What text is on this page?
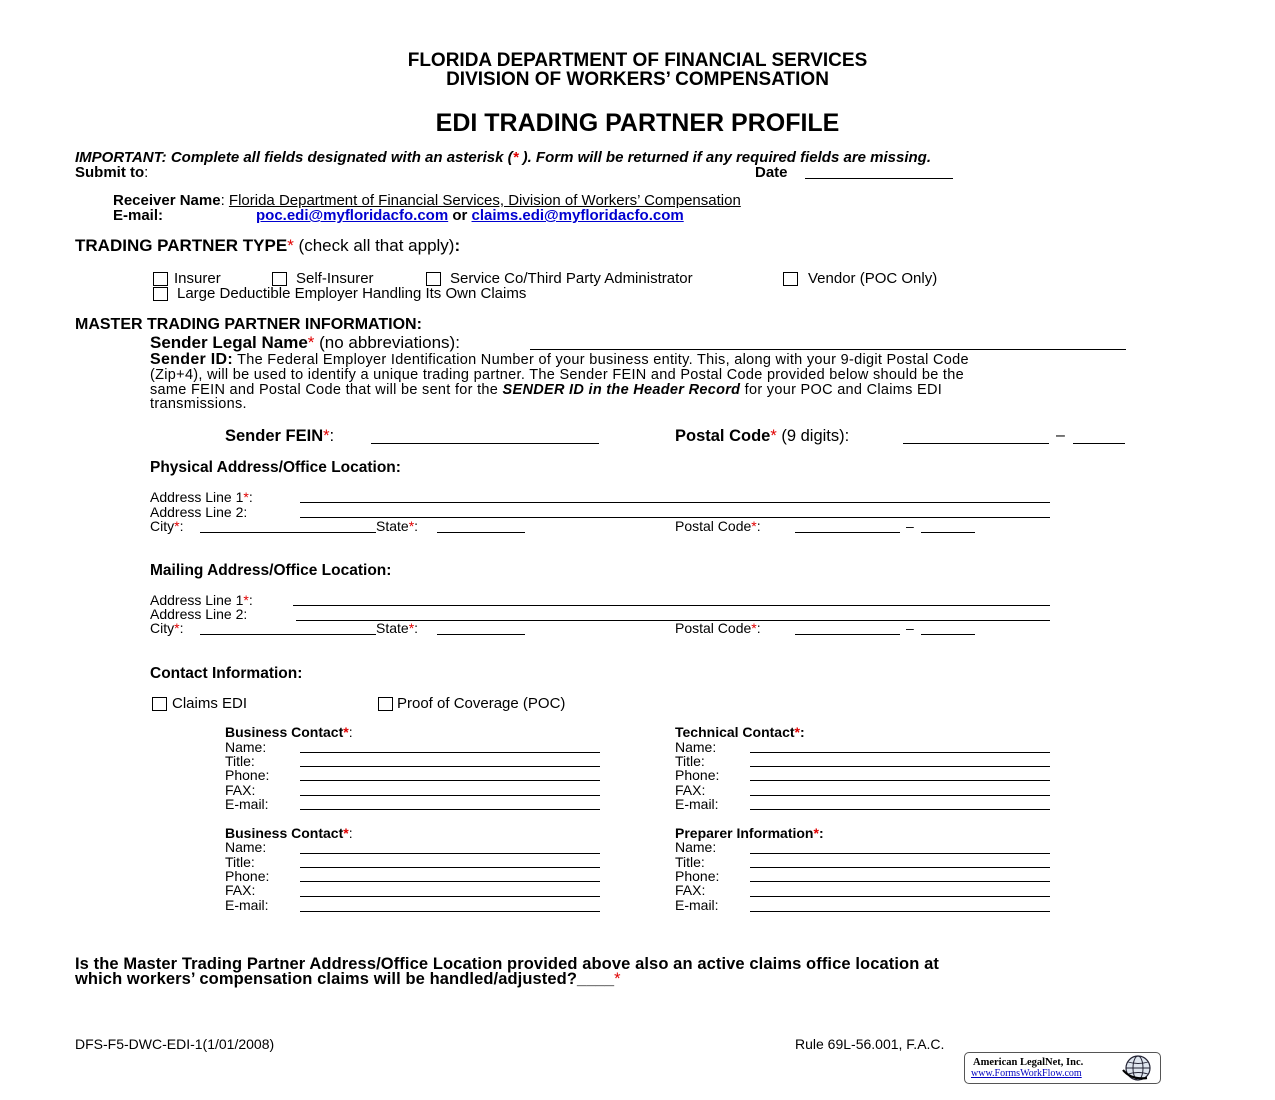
FLORIDA DEPARTMENT OF FINANCIAL SERVICES
DIVISION OF WORKERS’ COMPENSATION
EDI TRADING PARTNER PROFILE
IMPORTANT: Complete all fields designated with an asterisk (* ). Form will be returned if any required fields are missing.
Submit to:	Date
Receiver Name: Florida Department of Financial Services, Division of Workers’ Compensation
E-mail:	poc.edi@myfloridacfo.com or claims.edi@myfloridacfo.com
TRADING PARTNER TYPE* (check all that apply):
Insurer	Self-Insurer	Service Co/Third Party Administrator	Vendor (POC Only)
Large Deductible Employer Handling Its Own Claims
MASTER TRADING PARTNER INFORMATION:
Sender Legal Name* (no abbreviations):
Sender ID: The Federal Employer Identification Number of your business entity. This, along with your 9-digit Postal Code
(Zip+4), will be used to identify a unique trading partner. The Sender FEIN and Postal Code provided below should be the
same FEIN and Postal Code that will be sent for the SENDER ID in the Header Record for your POC and Claims EDI
transmissions.
Sender FEIN*:	Postal Code* (9 digits):	–
Physical Address/Office Location:
Address Line 1*:
Address Line 2:
City*:	State*:	Postal Code*:	–
Mailing Address/Office Location:
Address Line 1*:
Address Line 2:
City*:	State*:	Postal Code*:	–
Contact Information:
Claims EDI	Proof of Coverage (POC)
Business Contact*:
Name:
Title:
Phone:
FAX:
E-mail:
Technical Contact*:
Name:
Title:
Phone:
FAX:
E-mail:
Business Contact*:
Name:
Title:
Phone:
FAX:
E-mail:
Preparer Information*:
Name:
Title:
Phone:
FAX:
E-mail:
Is the Master Trading Partner Address/Office Location provided above also an active claims office location at
which workers’ compensation claims will be handled/adjusted?____*
DFS-F5-DWC-EDI-1(1/01/2008)	Rule 69L-56.001, F.A.C.
American LegalNet, Inc.
www.FormsWorkFlow.com
